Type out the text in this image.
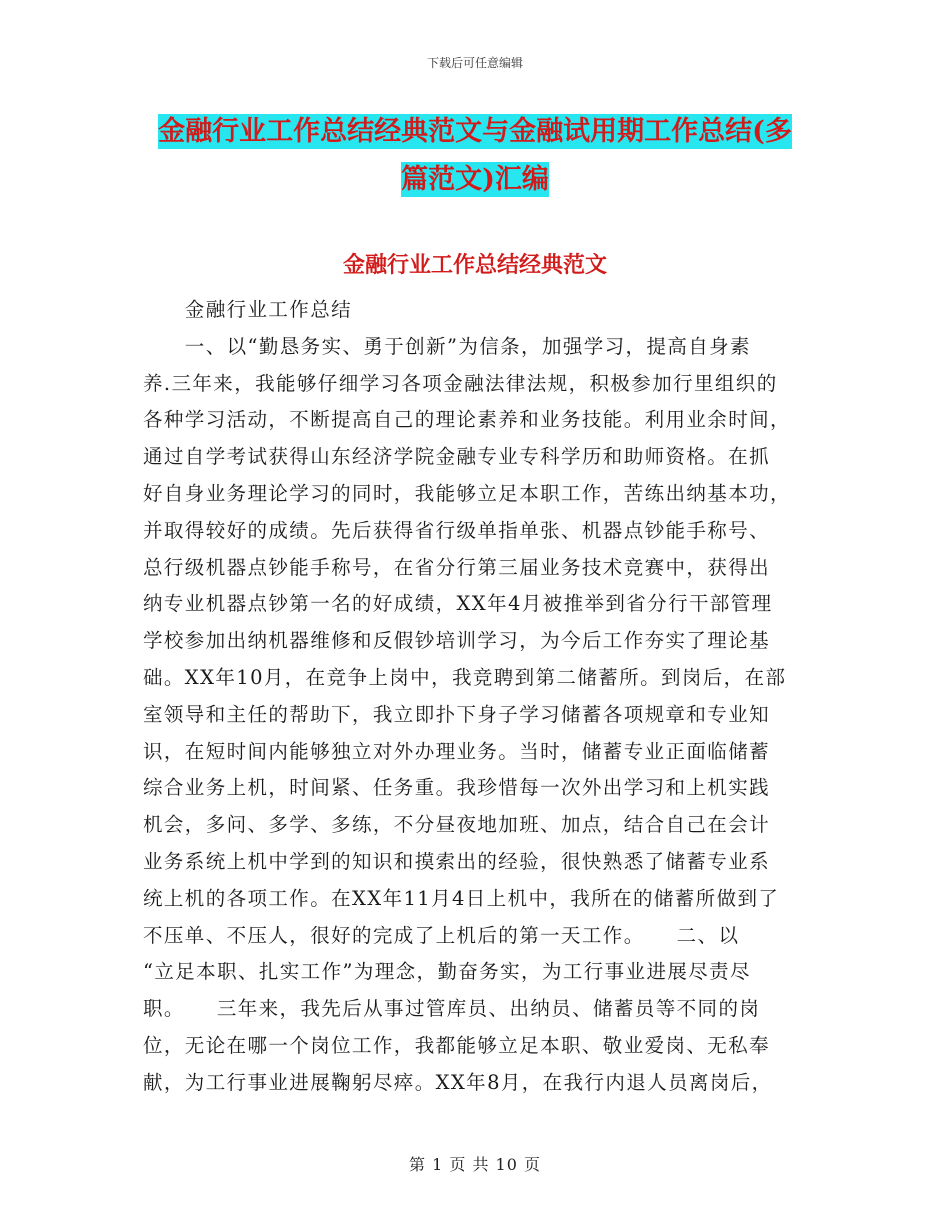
下载后可任意编辑
金融行业工作总结经典范文与金融试用期工作总结(多
篇范文)汇编
金融行业工作总结经典范文

　　金融行业工作总结

　　一、以“勤恳务实、勇于创新”为信条，加强学习，提高自身素

养.三年来，我能够仔细学习各项金融法律法规，积极参加行里组织的

各种学习活动，不断提高自己的理论素养和业务技能。利用业余时间，

通过自学考试获得山东经济学院金融专业专科学历和助师资格。在抓

好自身业务理论学习的同时，我能够立足本职工作，苦练出纳基本功，

并取得较好的成绩。先后获得省行级单指单张、机器点钞能手称号、

总行级机器点钞能手称号，在省分行第三届业务技术竞赛中，获得出

纳专业机器点钞第一名的好成绩，XX年4月被推举到省分行干部管理

学校参加出纳机器维修和反假钞培训学习，为今后工作夯实了理论基

础。XX年10月，在竞争上岗中，我竞聘到第二储蓄所。到岗后，在部

室领导和主任的帮助下，我立即扑下身子学习储蓄各项规章和专业知

识，在短时间内能够独立对外办理业务。当时，储蓄专业正面临储蓄

综合业务上机，时间紧、任务重。我珍惜每一次外出学习和上机实践

机会，多问、多学、多练，不分昼夜地加班、加点，结合自己在会计

业务系统上机中学到的知识和摸索出的经验，很快熟悉了储蓄专业系

统上机的各项工作。在XX年11月4日上机中，我所在的储蓄所做到了

不压单、不压人，很好的完成了上机后的第一天工作。　　二、以

“立足本职、扎实工作”为理念，勤奋务实，为工行事业进展尽责尽

职。　　三年来，我先后从事过管库员、出纳员、储蓄员等不同的岗

位，无论在哪一个岗位工作，我都能够立足本职、敬业爱岗、无私奉

献，为工行事业进展鞠躬尽瘁。XX年8月，在我行内退人员离岗后，

第 1 页 共 10 页
